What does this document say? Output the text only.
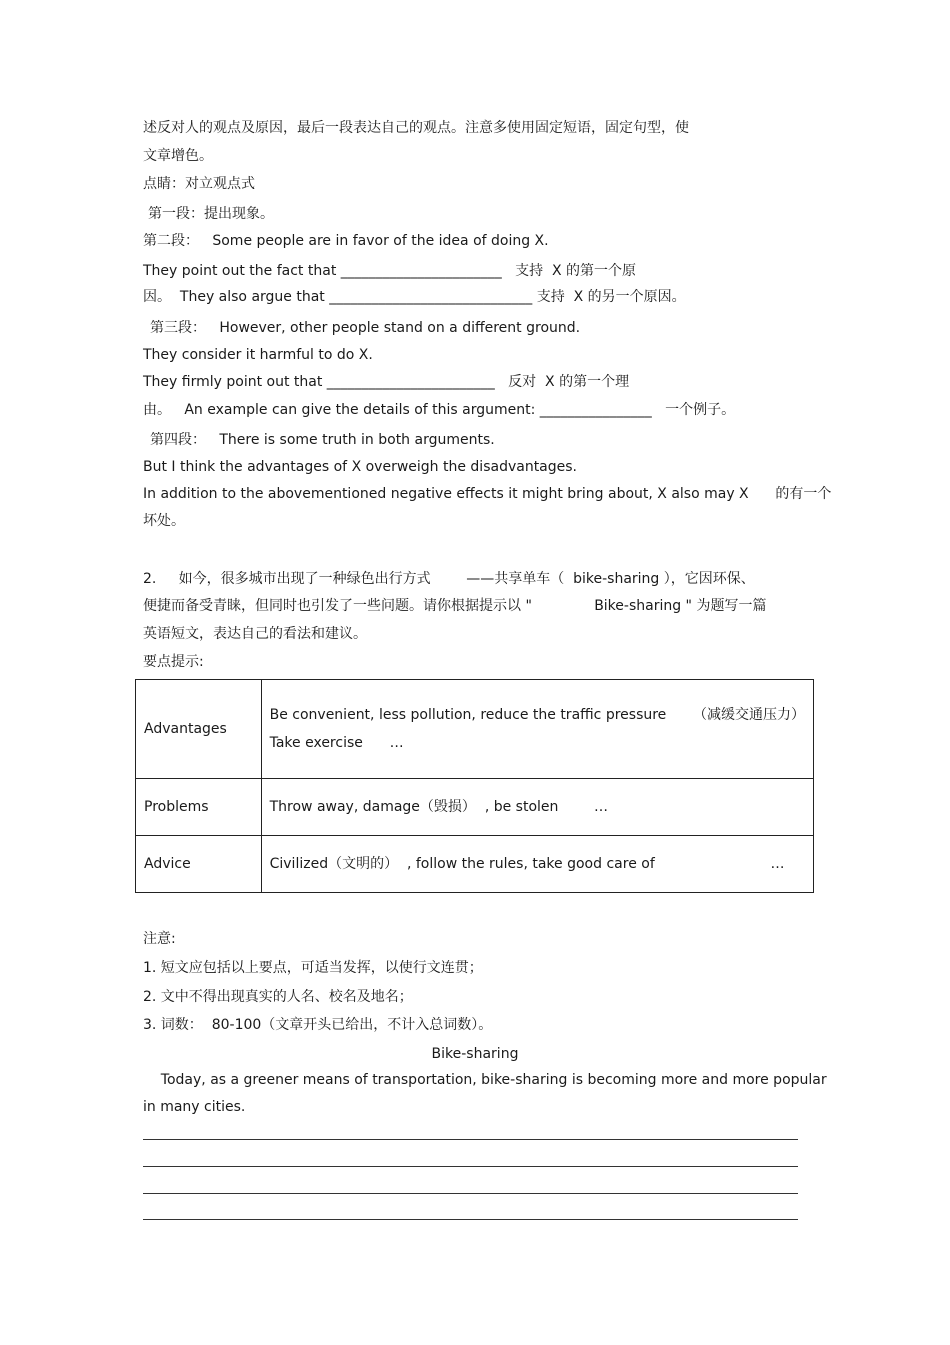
述反对人的观点及原因，最后一段表达自己的观点。注意多使用固定短语，固定句型，使
文章增色。
点睛：对立观点式
第一段：提出现象。
第二段：   Some people are in favor of the idea of doing X.
They point out the fact that _______________________   支持  X 的第一个原
因。  They also argue that _____________________________ 支持  X 的另一个原因。
第三段：   However, other people stand on a different ground.
They consider it harmful to do X.
They firmly point out that ________________________   反对  X 的第一个理
由。   An example can give the details of this argument: ________________   一个例子。
第四段：   There is some truth in both arguments.
But I think the advantages of X overweigh the disadvantages.
In addition to the abovementioned negative effects it might bring about, X also may X      的有一个
坏处。
2.     如今，很多城市出现了一种绿色出行方式        ——共享单车（  bike-sharing ），它因环保、
便捷而备受青睐，但同时也引发了一些问题。请你根据提示以 "              Bike-sharing " 为题写一篇
英语短文，表达自己的看法和建议。
要点提示:
Advantages	Be convenient, less pollution, reduce the traffic pressure      （减缓交通压力）
Take exercise      …

Problems	Throw away, damage（毁损）  , be stolen        …

Advice	Civilized（文明的）  , follow the rules, take good care of                          …
注意:
1. 短文应包括以上要点，可适当发挥，以使行文连贯；
2. 文中不得出现真实的人名、校名及地名；
3. 词数：  80-100（文章开头已给出，不计入总词数）。
Bike-sharing
Today, as a greener means of transportation, bike-sharing is becoming more and more popular
in many cities.
